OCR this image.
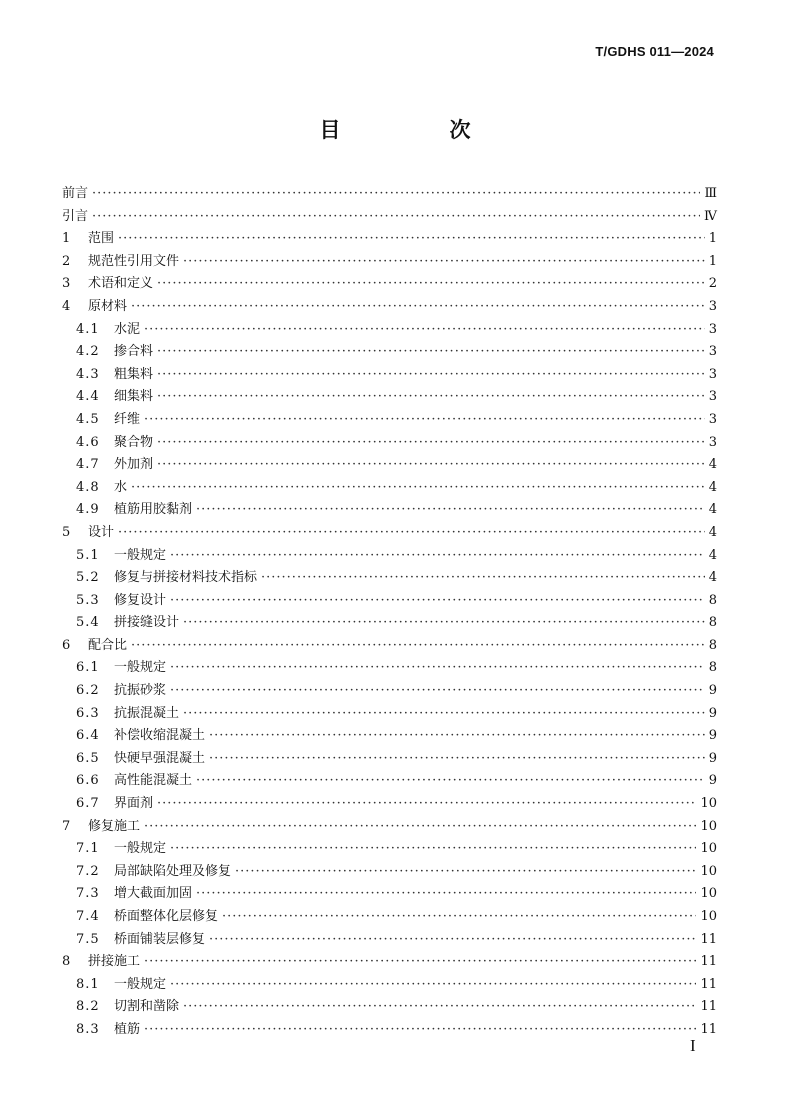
T/GDHS 011—2024
目　次
前言 ·····	Ⅲ
引言 ·····	Ⅳ
1	范围 ·····	1
2	规范性引用文件 ·····	1
3	术语和定义 ·····	2
4	原材料 ·····	3
4.1 水泥 ·····	3
4.2 掺合料 ·····	3
4.3 粗集料 ·····	3
4.4 细集料 ·····	3
4.5 纤维 ·····	3
4.6 聚合物 ·····	3
4.7 外加剂 ·····	4
4.8 水 ·····	4
4.9 植筋用胶黏剂 ·····	4
5	设计 ·····	4
5.1 一般规定 ·····	4
5.2 修复与拼接材料技术指标 ·····	4
5.3 修复设计 ·····	8
5.4 拼接缝设计 ·····	8
6	配合比 ·····	8
6.1 一般规定 ·····	8
6.2 抗振砂浆 ·····	9
6.3 抗振混凝土 ·····	9
6.4 补偿收缩混凝土 ·····	9
6.5 快硬早强混凝土 ·····	9
6.6 高性能混凝土 ·····	9
6.7 界面剂 ·····	10
7	修复施工 ·····	10
7.1 一般规定 ·····	10
7.2 局部缺陷处理及修复 ·····	10
7.3 增大截面加固 ·····	10
7.4 桥面整体化层修复 ·····	10
7.5 桥面铺装层修复 ·····	11
8	拼接施工 ·····	11
8.1 一般规定 ·····	11
8.2 切割和凿除 ·····	11
8.3 植筋 ·····	11
I
